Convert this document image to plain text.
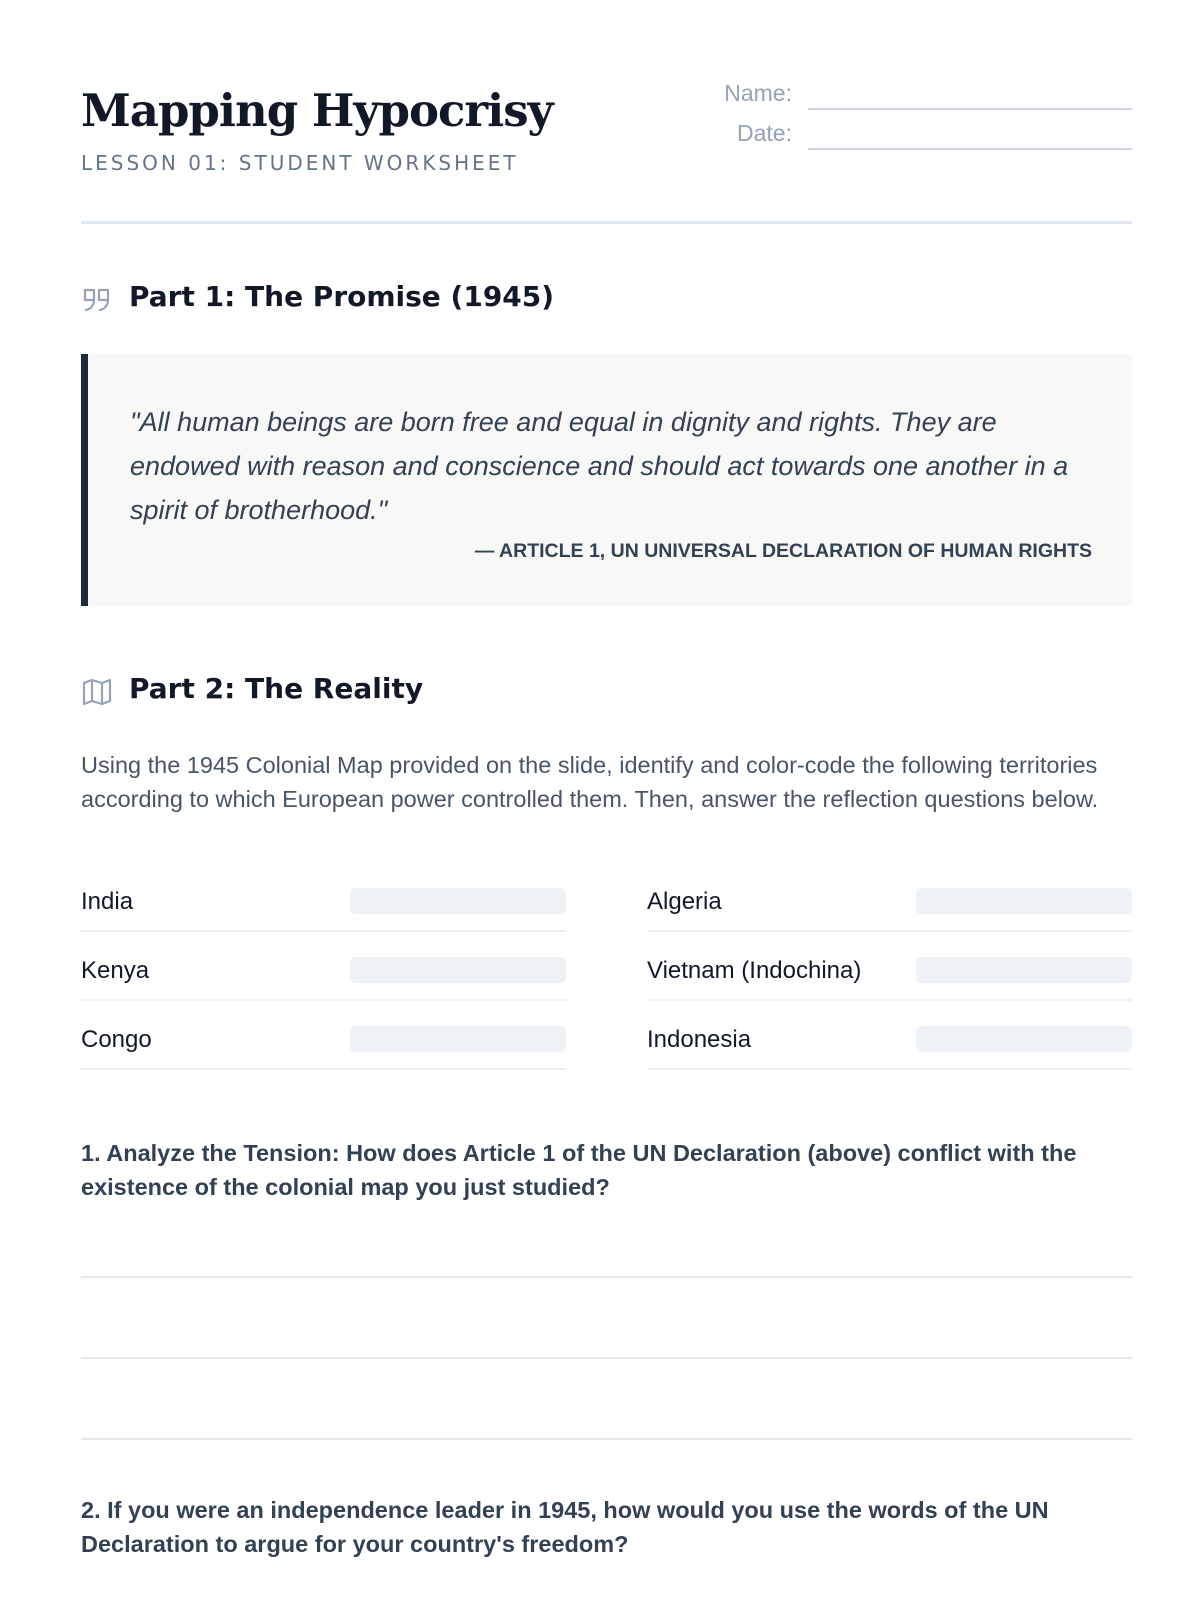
Mapping Hypocrisy
LESSON 01: STUDENT WORKSHEET
Name:
Date:
Part 1: The Promise (1945)
"All human beings are born free and equal in dignity and rights. They are endowed with reason and conscience and should act towards one another in a spirit of brotherhood."
— ARTICLE 1, UN UNIVERSAL DECLARATION OF HUMAN RIGHTS
Part 2: The Reality
Using the 1945 Colonial Map provided on the slide, identify and color-code the following territories according to which European power controlled them. Then, answer the reflection questions below.
India	Algeria
Kenya	Vietnam (Indochina)
Congo	Indonesia
1. Analyze the Tension: How does Article 1 of the UN Declaration (above) conflict with the existence of the colonial map you just studied?
2. If you were an independence leader in 1945, how would you use the words of the UN Declaration to argue for your country's freedom?
